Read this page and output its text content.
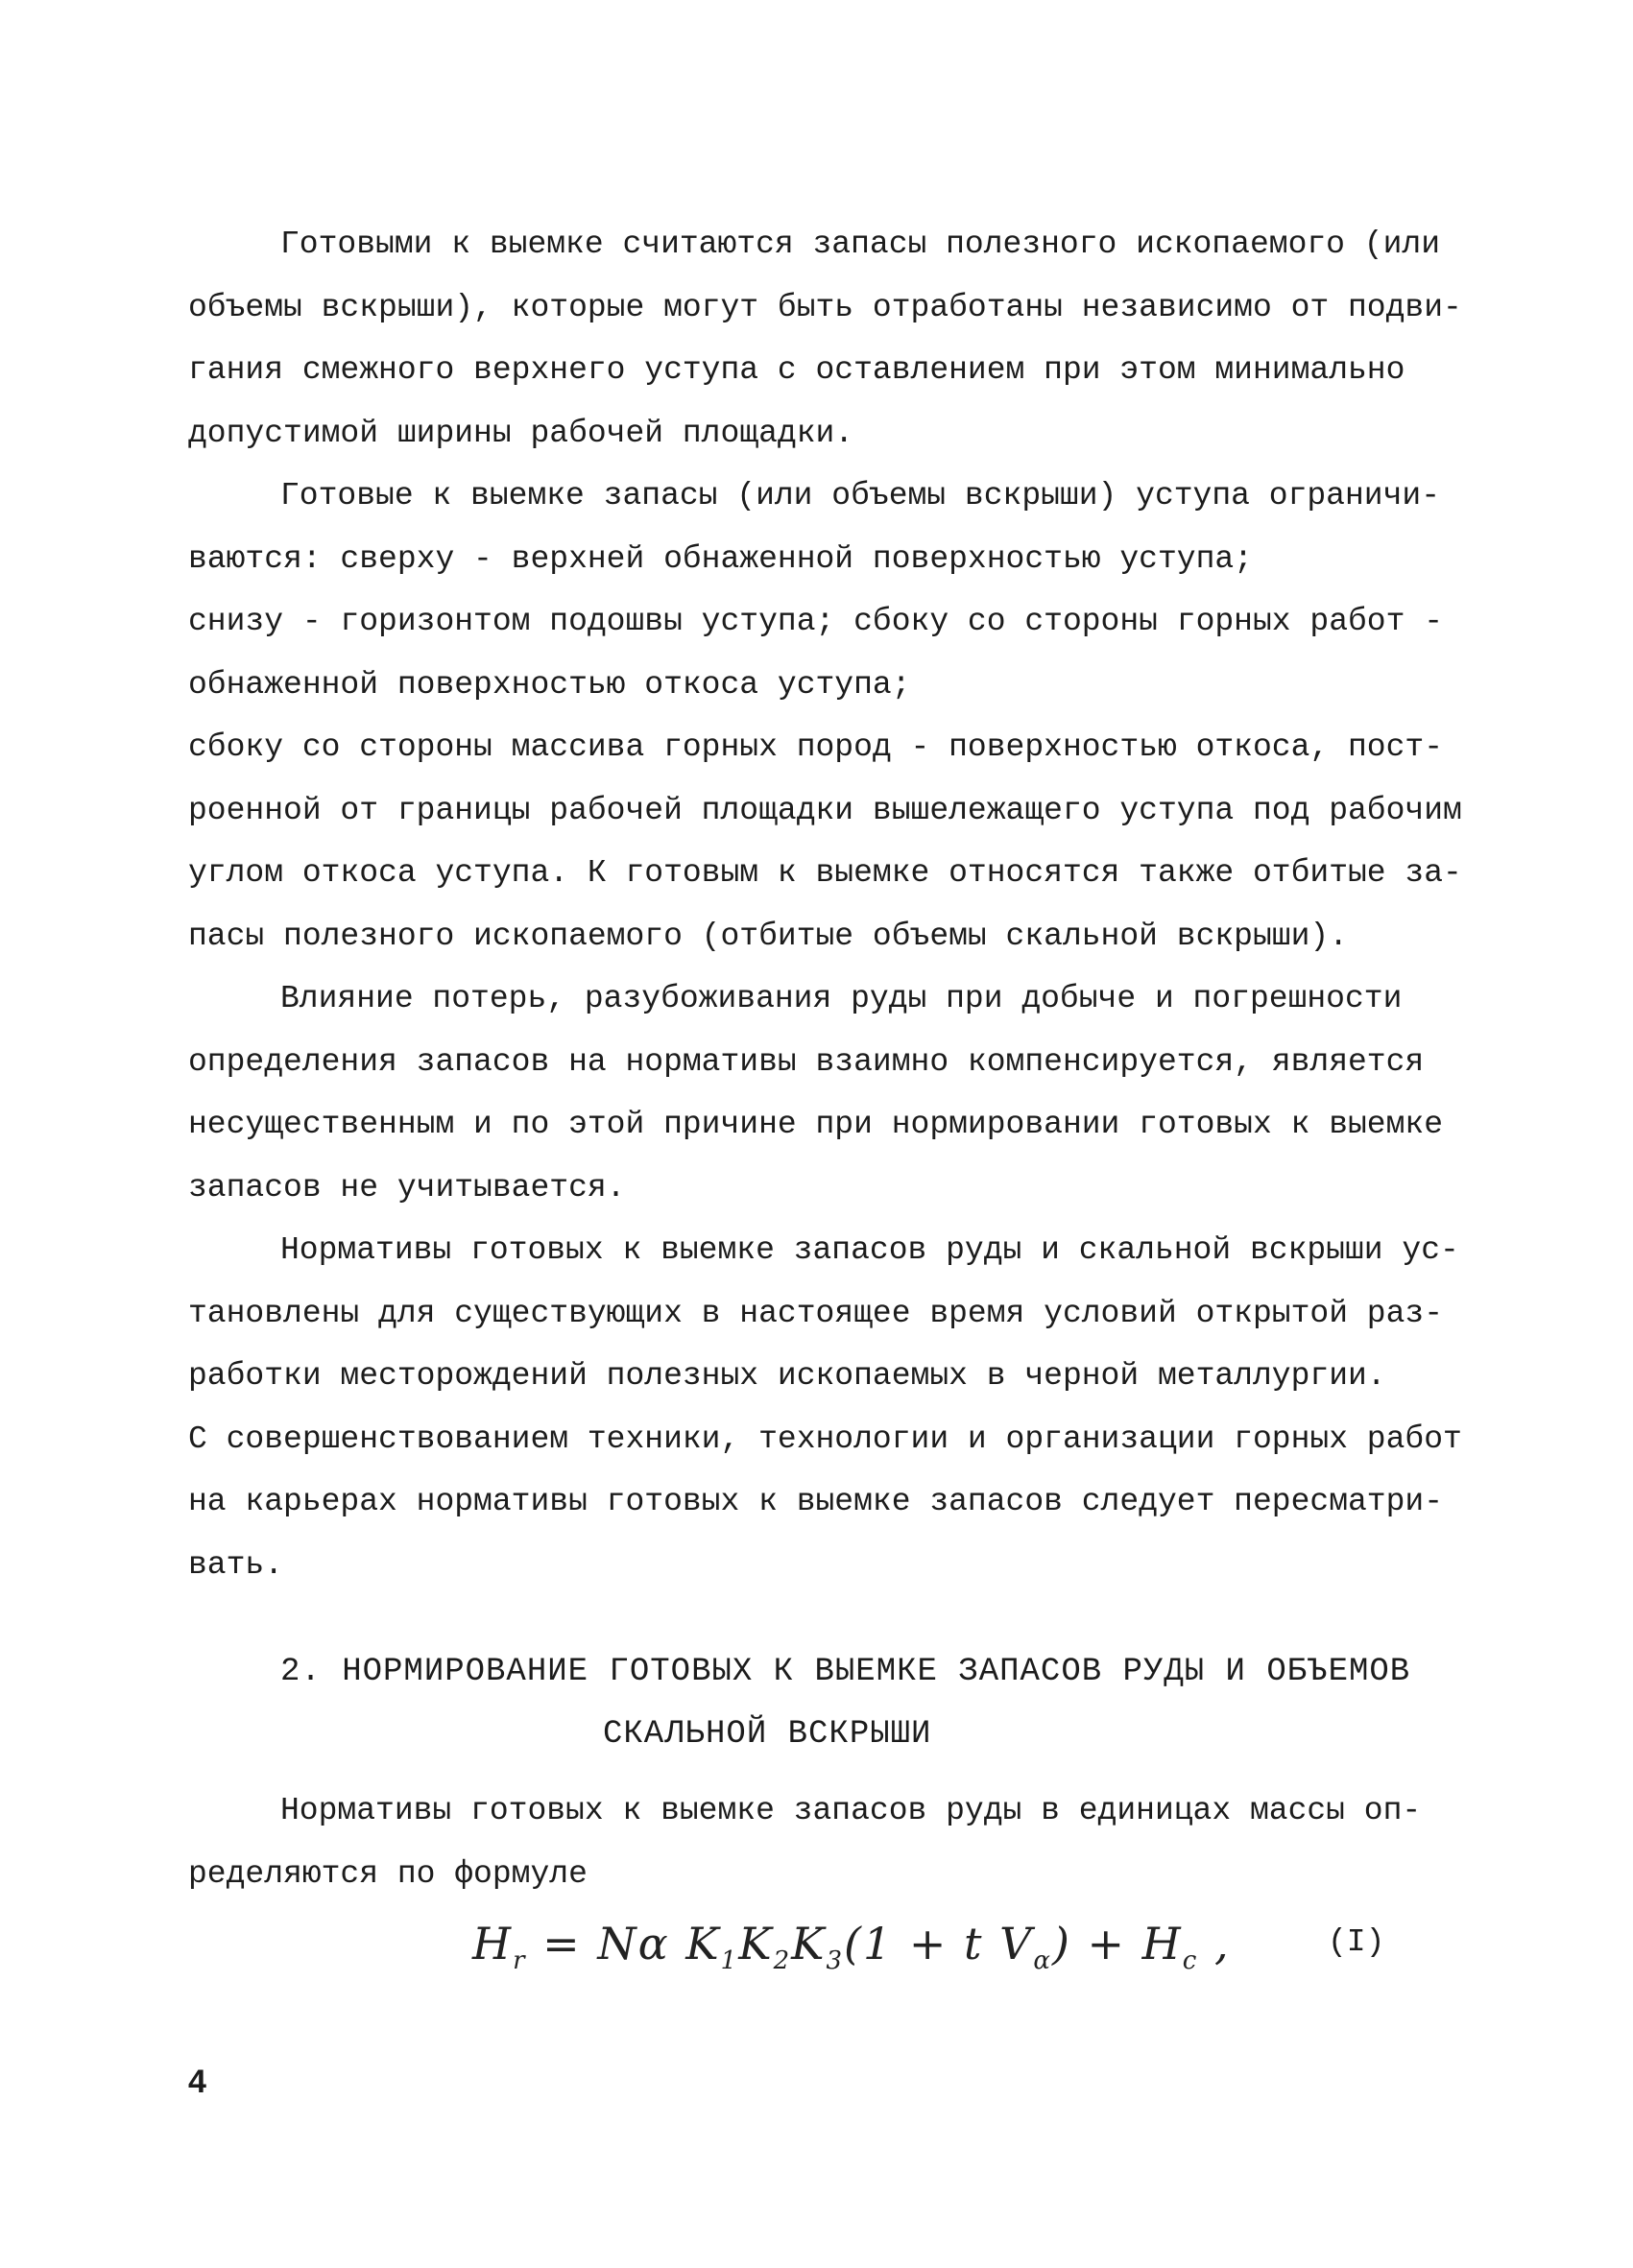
Готовыми к выемке считаются запасы полезного ископаемого (или
объемы вскрыши), которые могут быть отработаны независимо от подви-
гания смежного верхнего уступа с оставлением при этом минимально
допустимой ширины рабочей площадки.

Готовые к выемке запасы (или объемы вскрыши) уступа ограничи-
ваются: сверху - верхней обнаженной поверхностью уступа;
снизу - горизонтом подошвы уступа; сбоку со стороны горных работ -
обнаженной поверхностью откоса уступа;
сбоку со стороны массива горных пород - поверхностью откоса, пост-
роенной от границы рабочей площадки вышележащего уступа под рабочим
углом откоса уступа. К готовым к выемке относятся также отбитые за-
пасы полезного ископаемого (отбитые объемы скальной вскрыши).

Влияние потерь, разубоживания руды при добыче и погрешности
определения запасов на нормативы взаимно компенсируется, является
несущественным и по этой причине при нормировании готовых к выемке
запасов не учитывается.

Нормативы готовых к выемке запасов руды и скальной вскрыши ус-
тановлены для существующих в настоящее время условий открытой раз-
работки месторождений полезных ископаемых в черной металлургии.
С совершенствованием техники, технологии и организации горных работ
на карьерах нормативы готовых к выемке запасов следует пересматри-
вать.

2. НОРМИРОВАНИЕ ГОТОВЫХ К ВЫЕМКЕ ЗАПАСОВ РУДЫ И ОБЪЕМОВ
СКАЛЬНОЙ ВСКРЫШИ

Нормативы готовых к выемке запасов руды в единицах массы оп-
ределяются по формуле

$H_r = N\alpha$ $K_1K_2K_3(1 + t$ $V_\alpha) + H_c$ ,	(I)
4
